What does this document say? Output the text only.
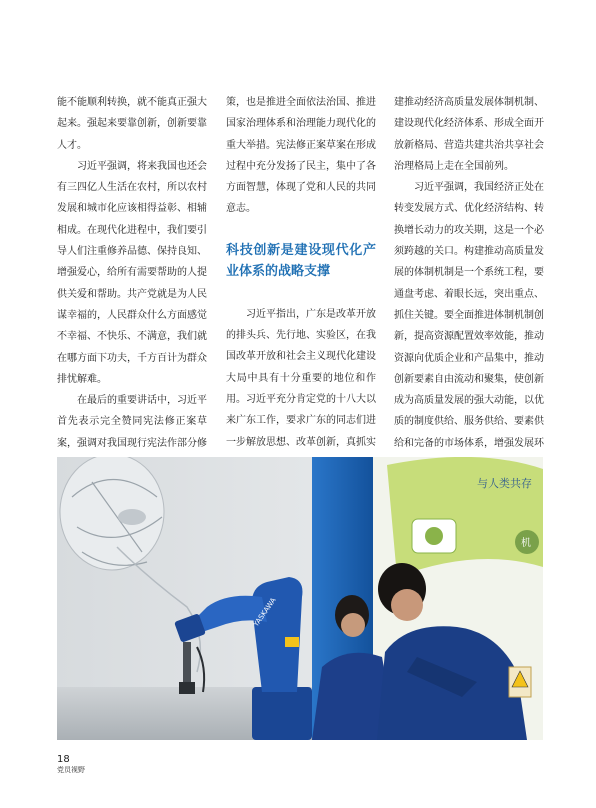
能不能顺利转换，就不能真正强大起来。强起来要靠创新，创新要靠人才。

习近平强调，将来我国也还会有三四亿人生活在农村，所以农村发展和城市化应该相得益彰、相辅相成。在现代化进程中，我们要引导人们注重修养品德、保持良知、增强爱心，给所有需要帮助的人提供关爱和帮助。共产党就是为人民谋幸福的，人民群众什么方面感觉不幸福、不快乐、不满意，我们就在哪方面下功夫，千方百计为群众排忧解难。

在最后的重要讲话中，习近平首先表示完全赞同宪法修正案草案，强调对我国现行宪法作部分修

策，也是推进全面依法治国、推进国家治理体系和治理能力现代化的重大举措。宪法修正案草案在形成过程中充分发扬了民主，集中了各方面智慧，体现了党和人民的共同意志。

科技创新是建设现代化产业体系的战略支撑

习近平指出，广东是改革开放的排头兵、先行地、实验区，在我国改革开放和社会主义现代化建设大局中具有十分重要的地位和作用。习近平充分肯定党的十八大以来广东工作，要求广东的同志们进一步解放思想、改革创新，真抓实

建推动经济高质量发展体制机制、建设现代化经济体系、形成全面开放新格局、营造共建共治共享社会治理格局上走在全国前列。

习近平强调，我国经济正处在转变发展方式、优化经济结构、转换增长动力的攻关期，这是一个必须跨越的关口。构建推动高质量发展的体制机制是一个系统工程，要通盘考虑、着眼长远，突出重点、抓住关键。要全面推进体制机制创新，提高资源配置效率效能，推动资源向优质企业和产品集中，推动创新要素自由流动和聚集，使创新成为高质量发展的强大动能，以优质的制度供给、服务供给、要素供给和完备的市场体系，增强发展环

与人类共存
机
YASKAWA
18
党员视野
